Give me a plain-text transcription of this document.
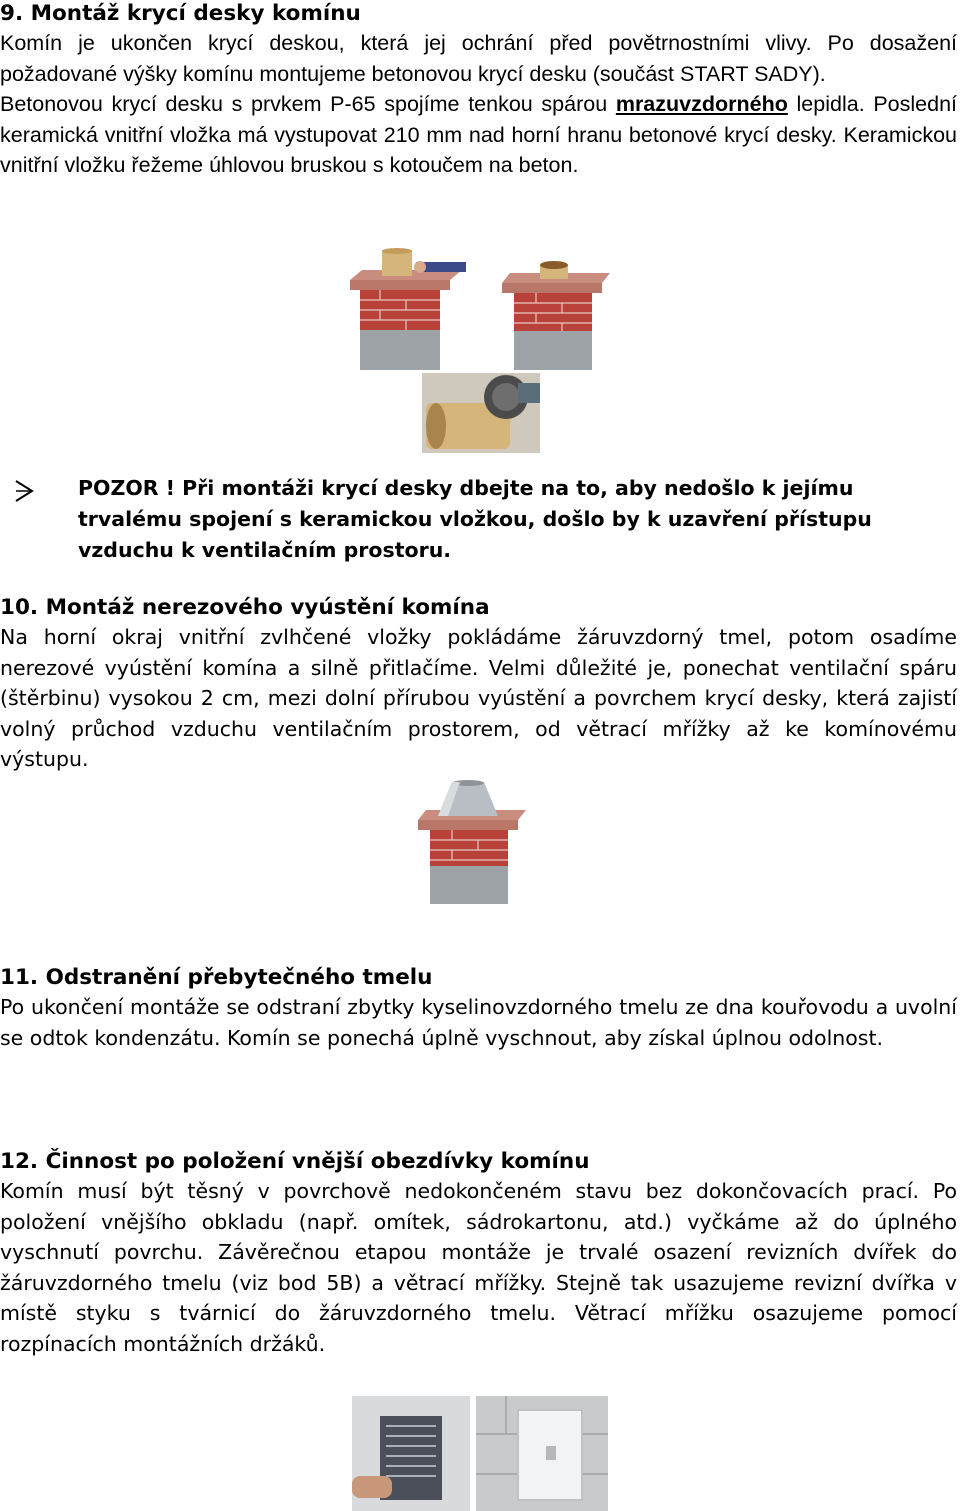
9. Montáž krycí desky komínu

Komín je ukončen krycí deskou, která jej ochrání před povětrnostními vlivy. Po dosažení požadované výšky komínu montujeme betonovou krycí desku (součást START SADY).

Betonovou krycí desku s prvkem P-65 spojíme tenkou spárou mrazuvzdorného lepidla. Poslední keramická vnitřní vložka má vystupovat 210 mm nad horní hranu betonové krycí desky. Keramickou vnitřní vložku řežeme úhlovou bruskou s kotoučem na beton.

POZOR ! Při montáži krycí desky dbejte na to, aby nedošlo k jejímu trvalému spojení s keramickou vložkou, došlo by k uzavření přístupu vzduchu k ventilačním prostoru.

10. Montáž nerezového vyústění komína

Na horní okraj vnitřní zvlhčené vložky pokládáme žáruvzdorný tmel, potom osadíme nerezové vyústění komína a silně přitlačíme. Velmi důležité je, ponechat ventilační spáru (štěrbinu) vysokou 2 cm, mezi dolní přírubou vyústění a povrchem krycí desky, která zajistí volný průchod vzduchu ventilačním prostorem, od větrací mřížky až ke komínovému výstupu.

11. Odstranění přebytečného tmelu

Po ukončení montáže se odstraní zbytky kyselinovzdorného tmelu ze dna kouřovodu a uvolní se odtok kondenzátu. Komín se ponechá úplně vyschnout, aby získal úplnou odolnost.

12. Činnost po položení vnější obezdívky komínu

Komín musí být těsný v povrchově nedokončeném stavu bez dokončovacích prací. Po položení vnějšího obkladu (např. omítek, sádrokartonu, atd.) vyčkáme až do úplného vyschnutí povrchu. Závěrečnou etapou montáže je trvalé osazení revizních dvířek do žáruvzdorného tmelu (viz bod 5B) a větrací mřížky. Stejně tak usazujeme revizní dvířka v místě styku s tvárnicí do žáruvzdorného tmelu. Větrací mřížku osazujeme pomocí rozpínacích montážních držáků.
